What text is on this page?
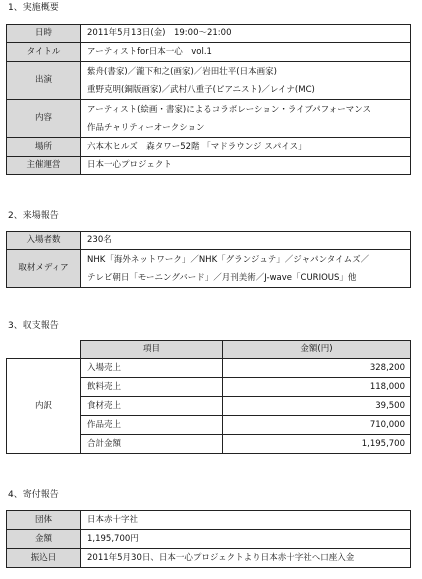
1、実施概要
日時	2011年5月13日(金)　19:00〜21:00
タイトル	アーティストfor日本一心　vol.1
出演	紫舟(書家)／瀧下和之(画家)／岩田壮平(日本画家)
重野克明(銅版画家)／武村八重子(ピアニスト)／レイナ(MC)

内容	アーティスト(絵画・書家)によるコラボレーション・ライブパフォーマンス
作品チャリティーオークション

場所	六本木ヒルズ　森タワー52階 「マドラウンジ スパイス」
主催運営	日本一心プロジェクト
2、来場報告
入場者数	230名
取材メディア	NHK「海外ネットワーク」／NHK「グランジュテ」／ジャパンタイムズ／
テレビ朝日「モーニングバード」／月刊美術／J-wave「CURIOUS」他
3、収支報告
	項目	金額(円)
内訳	入場売上	328,200
	飲料売上	118,000
	食材売上	39,500
	作品売上	710,000
	合計金額	1,195,700
4、寄付報告
団体	日本赤十字社
金額	1,195,700円
振込日	2011年5月30日、日本一心プロジェクトより日本赤十字社へ口座入金
